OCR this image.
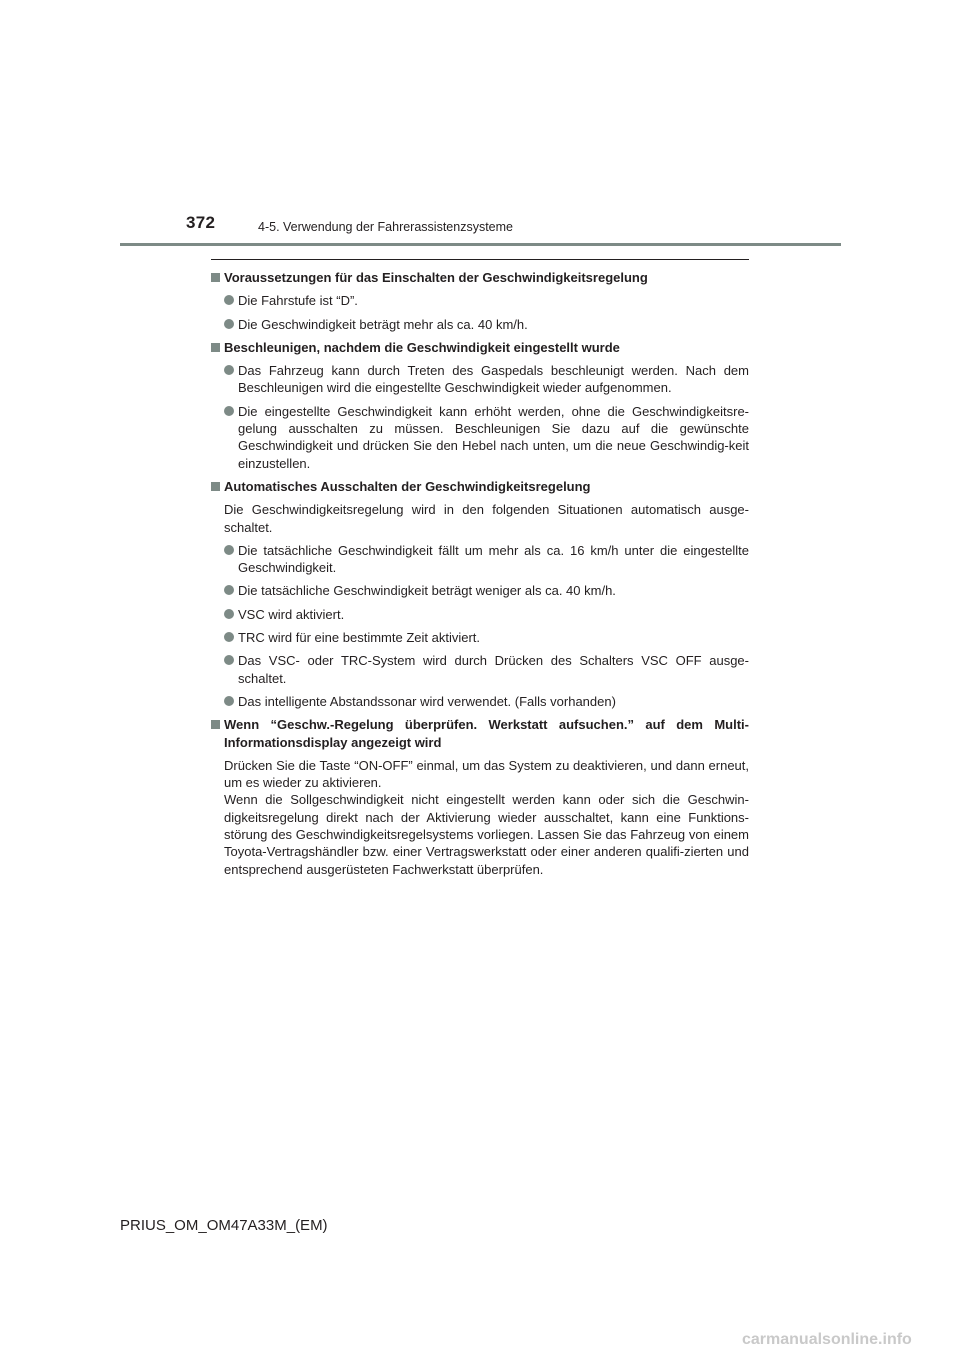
372	4-5. Verwendung der Fahrerassistenzsysteme
Voraussetzungen für das Einschalten der Geschwindigkeitsregelung
Die Fahrstufe ist “D”.
Die Geschwindigkeit beträgt mehr als ca. 40 km/h.
Beschleunigen, nachdem die Geschwindigkeit eingestellt wurde
Das Fahrzeug kann durch Treten des Gaspedals beschleunigt werden. Nach dem Beschleunigen wird die eingestellte Geschwindigkeit wieder aufgenommen.
Die eingestellte Geschwindigkeit kann erhöht werden, ohne die Geschwindigkeitsre-gelung ausschalten zu müssen. Beschleunigen Sie dazu auf die gewünschte Geschwindigkeit und drücken Sie den Hebel nach unten, um die neue Geschwindig-keit einzustellen.
Automatisches Ausschalten der Geschwindigkeitsregelung
Die Geschwindigkeitsregelung wird in den folgenden Situationen automatisch ausge-schaltet.
Die tatsächliche Geschwindigkeit fällt um mehr als ca. 16 km/h unter die eingestellte Geschwindigkeit.
Die tatsächliche Geschwindigkeit beträgt weniger als ca. 40 km/h.
VSC wird aktiviert.
TRC wird für eine bestimmte Zeit aktiviert.
Das VSC- oder TRC-System wird durch Drücken des Schalters VSC OFF ausge-schaltet.
Das intelligente Abstandssonar wird verwendet. (Falls vorhanden)
Wenn “Geschw.-Regelung überprüfen. Werkstatt aufsuchen.” auf dem Multi-Informationsdisplay angezeigt wird
Drücken Sie die Taste “ON-OFF” einmal, um das System zu deaktivieren, und dann erneut, um es wieder zu aktivieren.
Wenn die Sollgeschwindigkeit nicht eingestellt werden kann oder sich die Geschwin-digkeitsregelung direkt nach der Aktivierung wieder ausschaltet, kann eine Funktions-störung des Geschwindigkeitsregelsystems vorliegen. Lassen Sie das Fahrzeug von einem Toyota-Vertragshändler bzw. einer Vertragswerkstatt oder einer anderen qualifi-zierten und entsprechend ausgerüsteten Fachwerkstatt überprüfen.
PRIUS_OM_OM47A33M_(EM)
carmanualsonline.info
